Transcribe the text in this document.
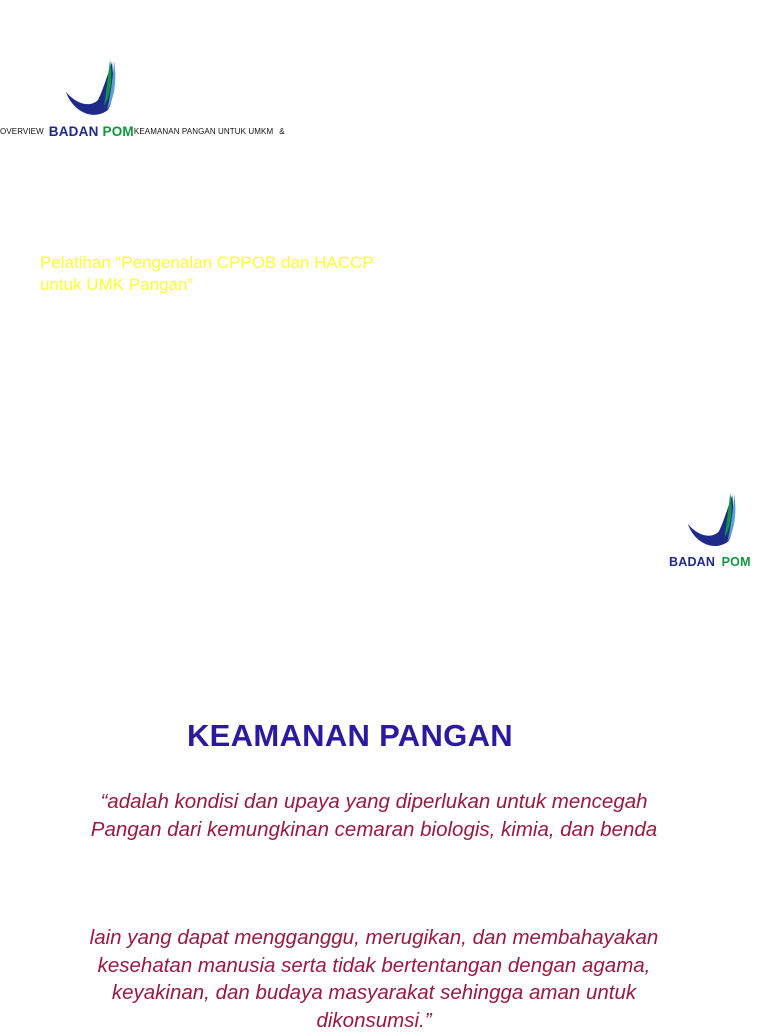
OVERVIEW BADAN POM KEAMANAN PANGAN UNTUK UMKM &
Pelatihan “Pengenalan CPPOB dan HACCP
untuk UMK Pangan”
BADAN POM
KEAMANAN PANGAN
“adalah kondisi dan upaya yang diperlukan untuk mencegah
Pangan dari kemungkinan cemaran biologis, kimia, dan benda
lain yang dapat mengganggu, merugikan, dan membahayakan
kesehatan manusia serta tidak bertentangan dengan agama,
keyakinan, dan budaya masyarakat sehingga aman untuk
dikonsumsi.”
